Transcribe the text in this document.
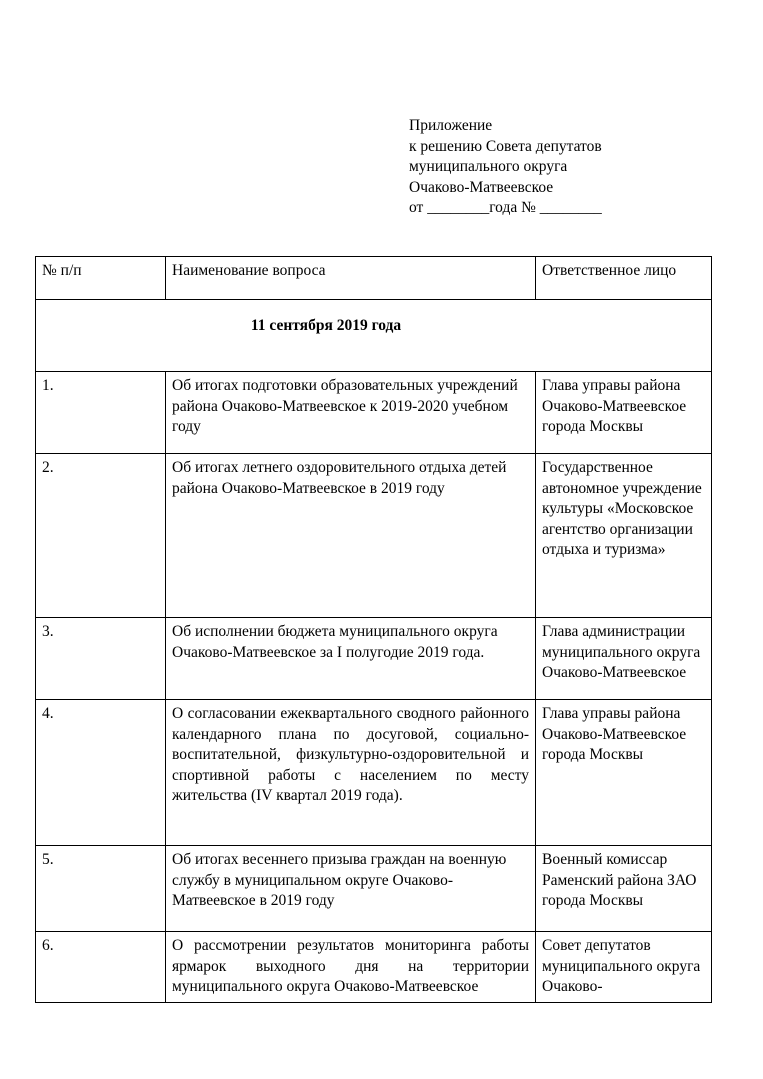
Приложение
к решению Совета депутатов
муниципального округа
Очаково-Матвеевское
от ________года № ________
№ п/п	Наименование вопроса	Ответственное лицо
11 сентября 2019 года		
1.	Об итогах подготовки образовательных учреждений района Очаково-Матвеевское к 2019-2020 учебном году	Глава управы района Очаково-Матвеевское города Москвы
2.	Об итогах летнего оздоровительного отдыха детей района Очаково-Матвеевское в 2019 году	Государственное автономное учреждение культуры «Московское агентство организации отдыха и туризма»
3.	Об исполнении бюджета муниципального округа Очаково-Матвеевское за I полугодие 2019 года.	Глава администрации муниципального округа Очаково-Матвеевское
4.	О согласовании ежеквартального сводного районного календарного плана по досуговой, социально-воспитательной, физкультурно-оздоровительной и спортивной работы с населением по месту жительства (IV квартал 2019 года).	Глава управы района Очаково-Матвеевское города Москвы
5.	Об итогах весеннего призыва граждан на военную службу в муниципальном округе Очаково-Матвеевское в 2019 году	Военный комиссар Раменский района ЗАО города Москвы
6.	О рассмотрении результатов мониторинга работы ярмарок выходного дня на территории муниципального округа Очаково-Матвеевское	Совет депутатов муниципального округа Очаково-
